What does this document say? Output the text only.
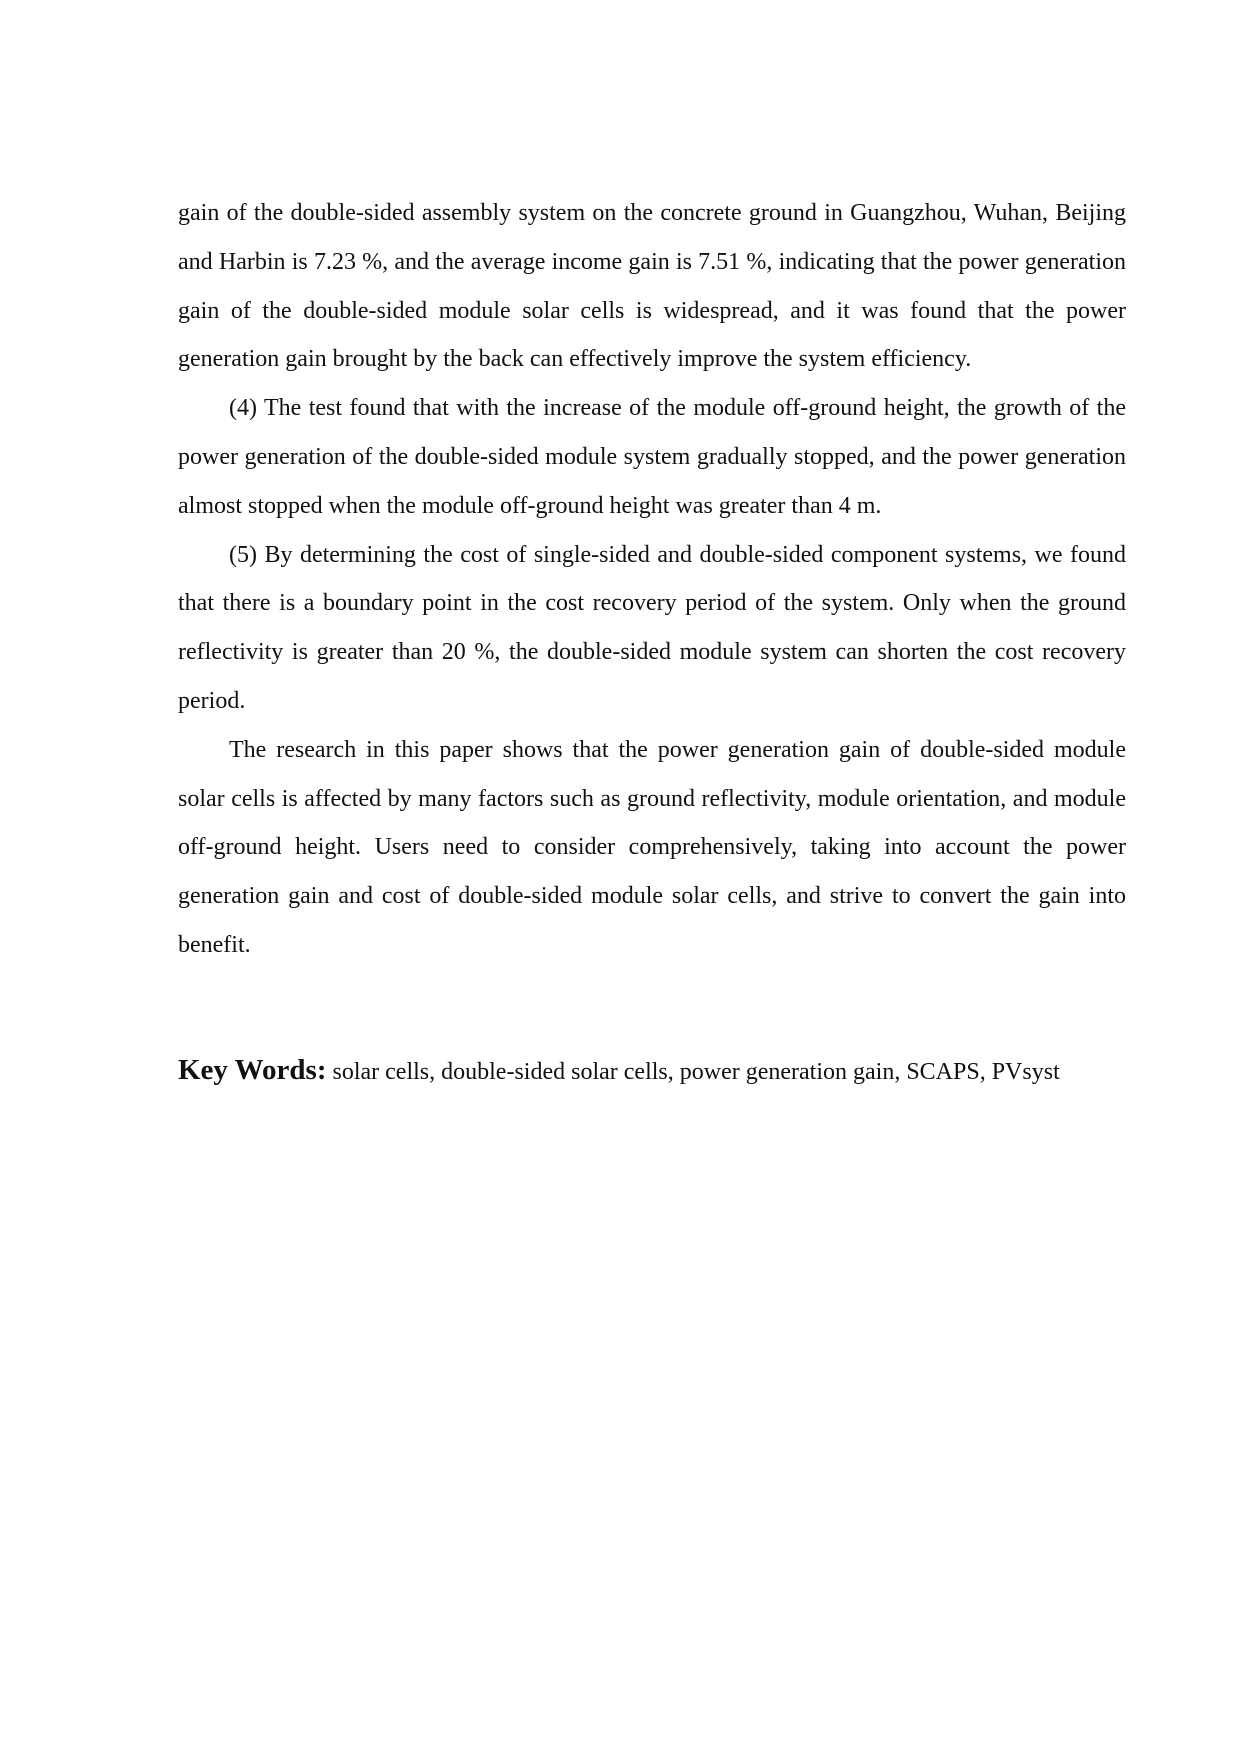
gain of the double-sided assembly system on the concrete ground in Guangzhou, Wuhan, Beijing and Harbin is 7.23 %, and the average income gain is 7.51 %, indicating that the power generation gain of the double-sided module solar cells is widespread, and it was found that the power generation gain brought by the back can effectively improve the system efficiency.

(4) The test found that with the increase of the module off-ground height, the growth of the power generation of the double-sided module system gradually stopped, and the power generation almost stopped when the module off-ground height was greater than 4 m.

(5) By determining the cost of single-sided and double-sided component systems, we found that there is a boundary point in the cost recovery period of the system. Only when the ground reflectivity is greater than 20 %, the double-sided module system can shorten the cost recovery period.

The research in this paper shows that the power generation gain of double-sided module solar cells is affected by many factors such as ground reflectivity, module orientation, and module off-ground height. Users need to consider comprehensively, taking into account the power generation gain and cost of double-sided module solar cells, and strive to convert the gain into benefit.

Key Words: solar cells, double-sided solar cells, power generation gain, SCAPS, PVsyst
